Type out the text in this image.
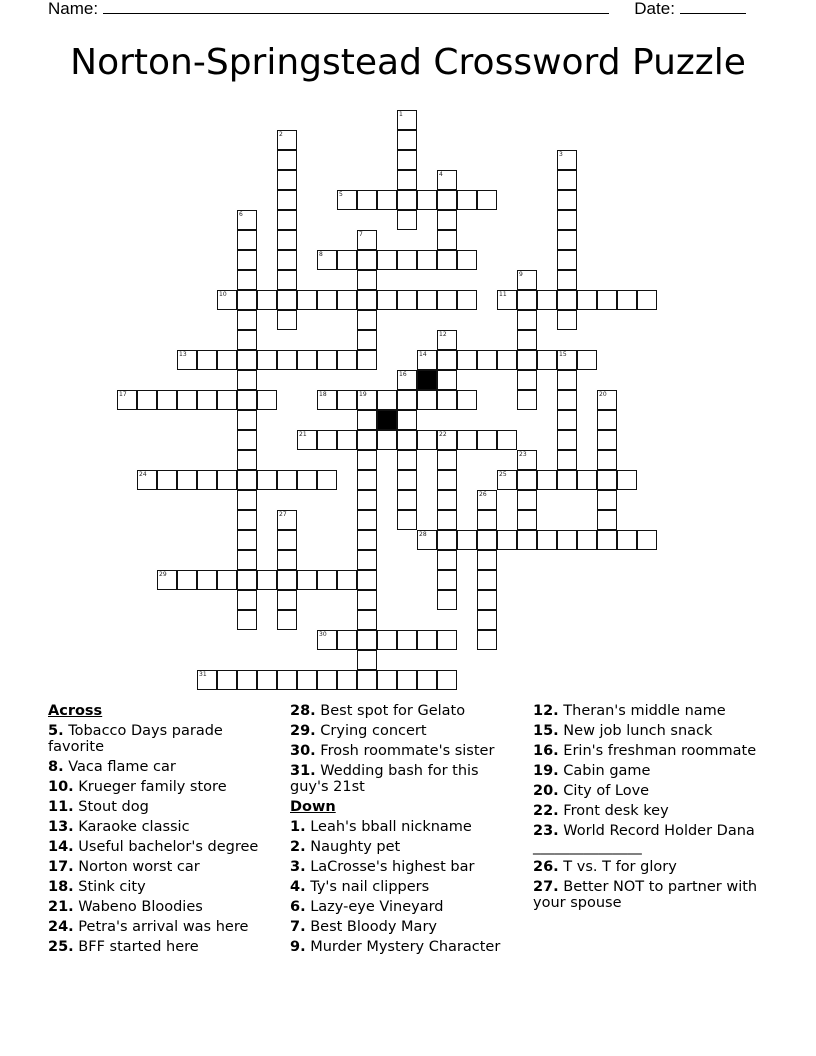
Name:	Date:
Norton-Springstead Crossword Puzzle
1
2
3
4
5
6
7
8
9
10	11
12
13	14	15
16
17	18	19	20
21	22
23
24	25
26
27
28
29
30
31
Across
5. Tobacco Days parade favorite
8. Vaca flame car
10. Krueger family store
11. Stout dog
13. Karaoke classic
14. Useful bachelor's degree
17. Norton worst car
18. Stink city
21. Wabeno Bloodies
24. Petra's arrival was here
25. BFF started here
28. Best spot for Gelato
29. Crying concert
30. Frosh roommate's sister
31. Wedding bash for this guy's 21st
Down
1. Leah's bball nickname
2. Naughty pet
3. LaCrosse's highest bar
4. Ty's nail clippers
6. Lazy-eye Vineyard
7. Best Bloody Mary
9. Murder Mystery Character
12. Theran's middle name
15. New job lunch snack
16. Erin's freshman roommate
19. Cabin game
20. City of Love
22. Front desk key
23. World Record Holder Dana _______________
26. T vs. T for glory
27. Better NOT to partner with your spouse
